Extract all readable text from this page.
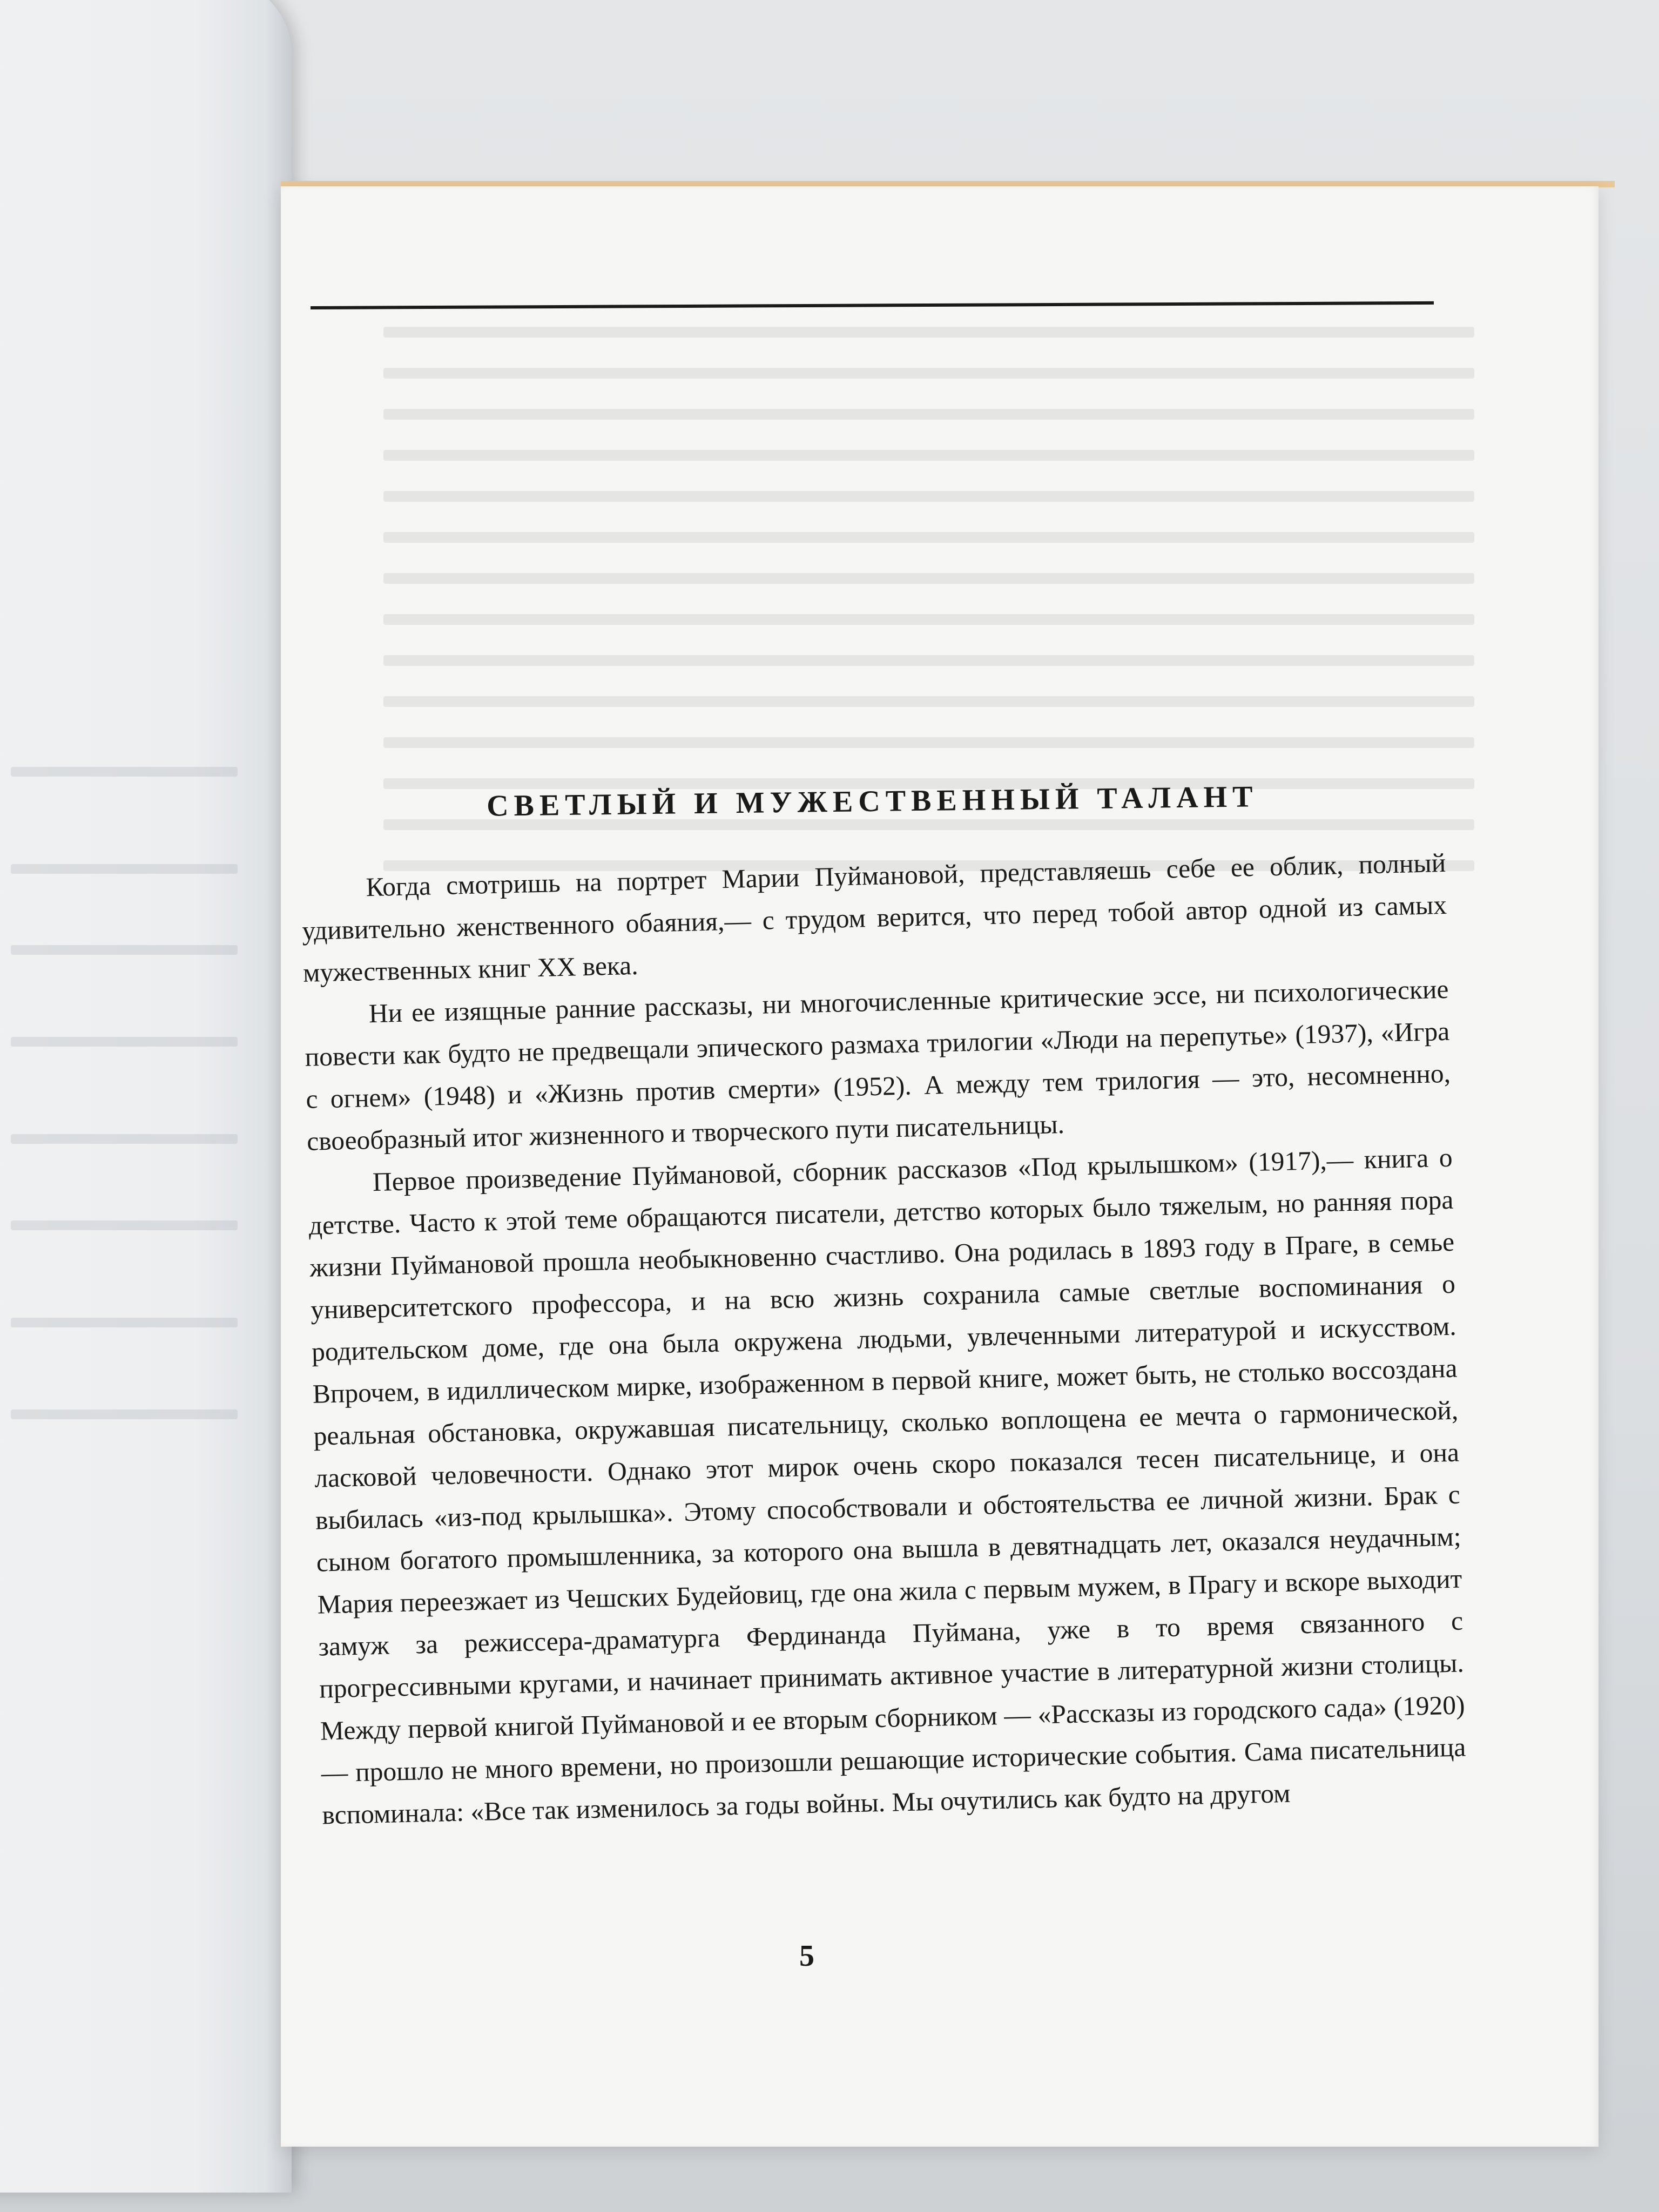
СВЕТЛЫЙ И МУЖЕСТВЕННЫЙ ТАЛАНТ

Когда смотришь на портрет Марии Пуймановой, представляешь себе ее облик, полный удивительно женственного обаяния,— с трудом верится, что перед тобой автор одной из самых мужественных книг XX века.

Ни ее изящные ранние рассказы, ни многочисленные критические эссе, ни психологические повести как будто не предвещали эпического размаха трилогии «Люди на перепутье» (1937), «Игра с огнем» (1948) и «Жизнь против смерти» (1952). А между тем трилогия — это, несомненно, своеобразный итог жизненного и творческого пути писательницы.

Первое произведение Пуймановой, сборник рассказов «Под крылышком» (1917),— книга о детстве. Часто к этой теме обращаются писатели, детство которых было тяжелым, но ранняя пора жизни Пуймановой прошла необыкновенно счастливо. Она родилась в 1893 году в Праге, в семье университетского профессора, и на всю жизнь сохранила самые светлые воспоминания о родительском доме, где она была окружена людьми, увлеченными литературой и искусством. Впрочем, в идиллическом мирке, изображенном в первой книге, может быть, не столько воссоздана реальная обстановка, окружавшая писательницу, сколько воплощена ее мечта о гармонической, ласковой человечности. Однако этот мирок очень скоро показался тесен писательнице, и она выбилась «из-под крылышка». Этому способствовали и обстоятельства ее личной жизни. Брак с сыном богатого промышленника, за которого она вышла в девятнадцать лет, оказался неудачным; Мария переезжает из Чешских Будейовиц, где она жила с первым мужем, в Прагу и вскоре выходит замуж за режиссера-драматурга Фердинанда Пуймана, уже в то время связанного с прогрессивными кругами, и начинает принимать активное участие в литературной жизни столицы. Между первой книгой Пуймановой и ее вторым сборником — «Рассказы из городского сада» (1920) — прошло не много времени, но произошли решающие исторические события. Сама писательница вспоминала: «Все так изменилось за годы войны. Мы очутились как будто на другом

5
